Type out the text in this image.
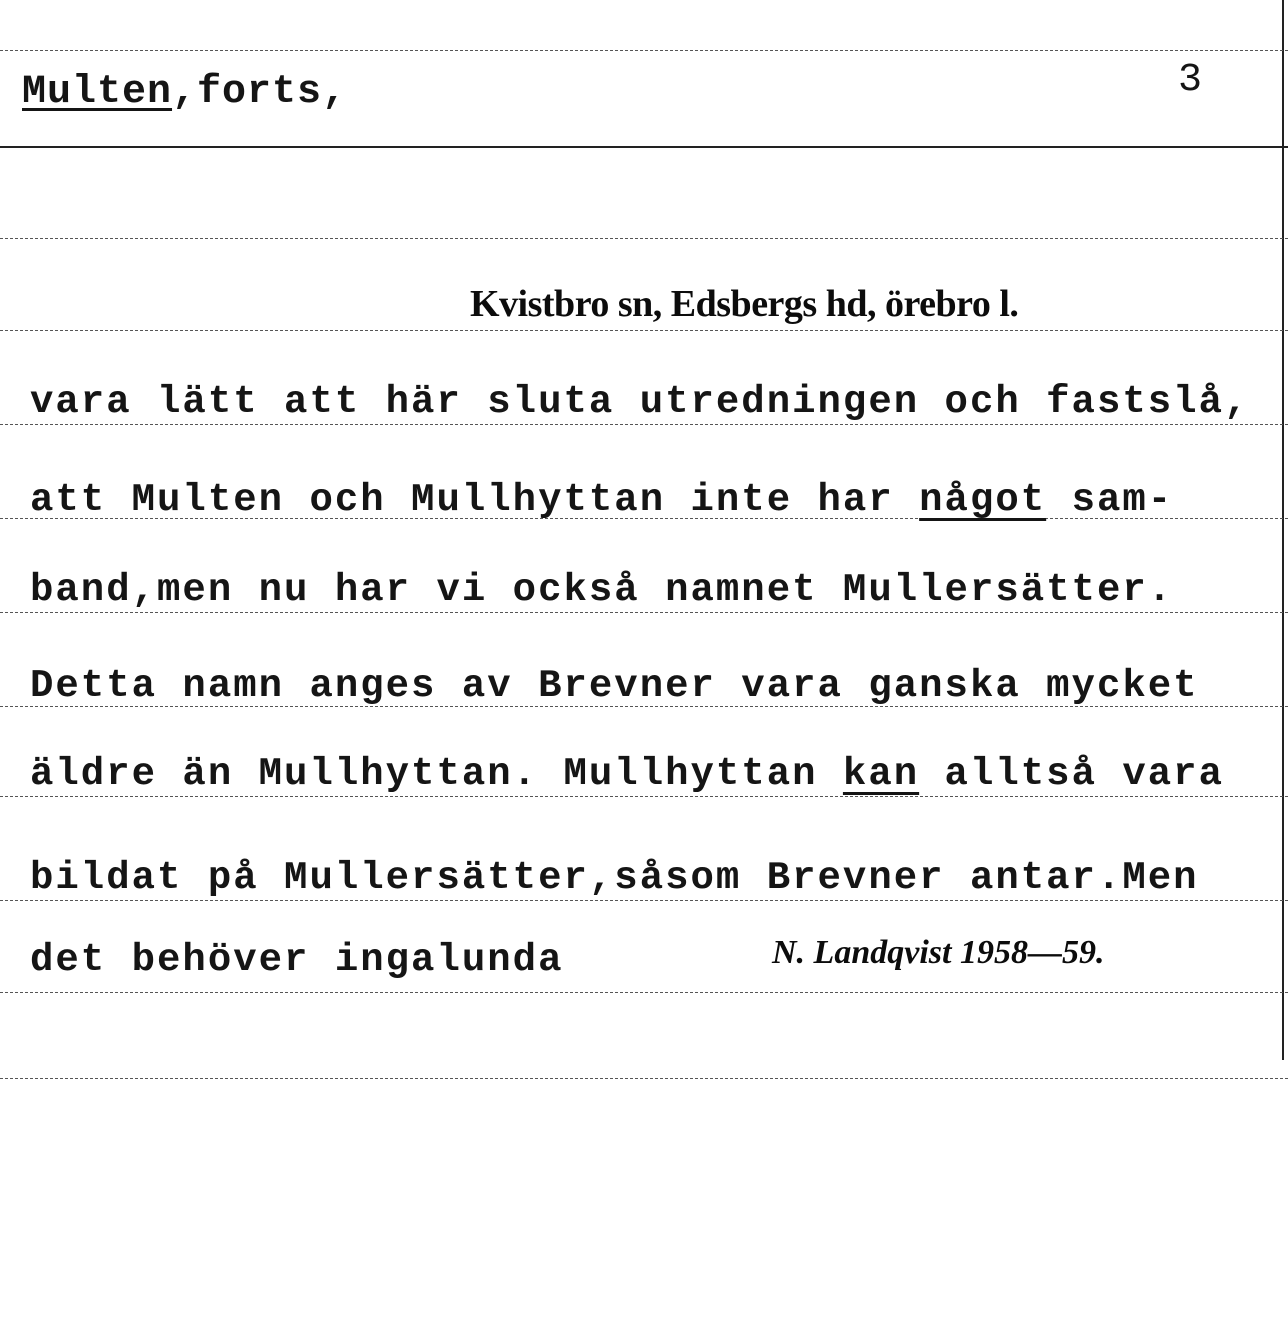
Multen,forts,	3
Kvistbro sn, Edsbergs hd, örebro l.
vara lätt att här sluta utredningen och fastslå,
att Multen och Mullhyttan inte har något sam-
band,men nu har vi också namnet Mullersätter.
Detta namn anges av Brevner vara ganska mycket
äldre än Mullhyttan. Mullhyttan kan alltså vara
bildat på Mullersätter,såsom Brevner antar.Men
det behöver ingalunda	N. Landqvist 1958—59.
